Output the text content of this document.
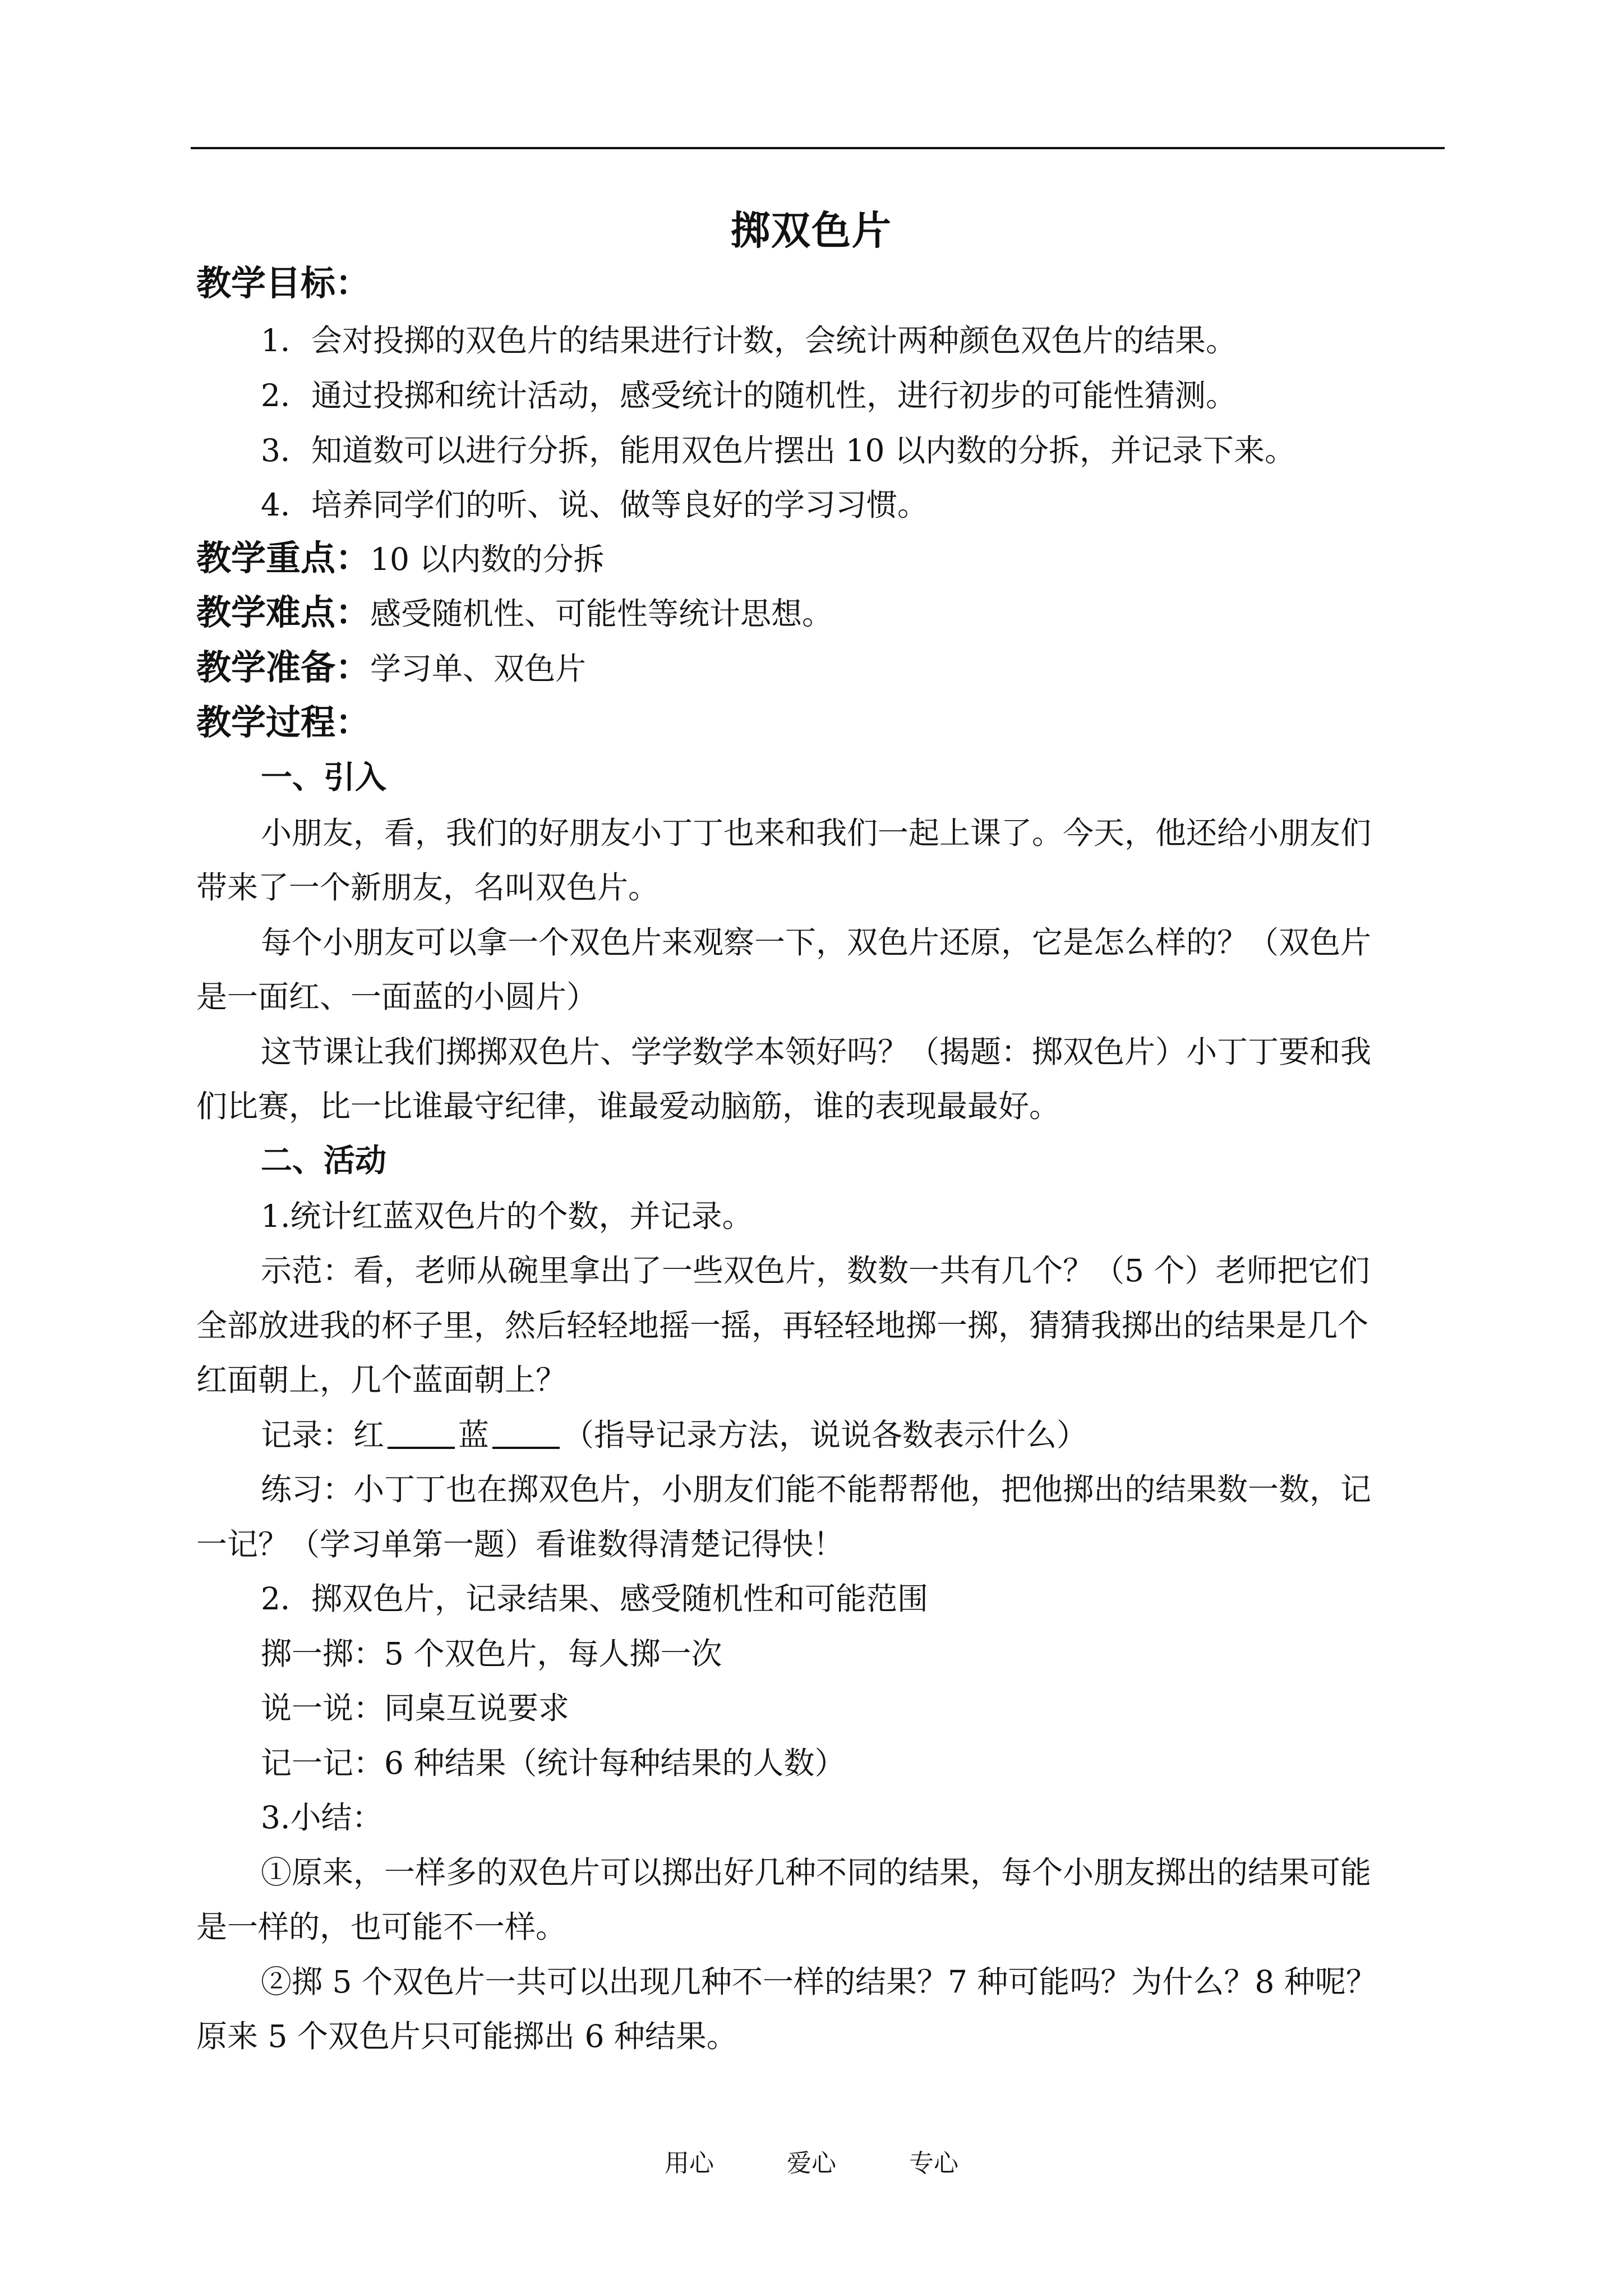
掷双色片
教学目标：
1．会对投掷的双色片的结果进行计数，会统计两种颜色双色片的结果。
2．通过投掷和统计活动，感受统计的随机性，进行初步的可能性猜测。
3．知道数可以进行分拆，能用双色片摆出 10 以内数的分拆，并记录下来。
4．培养同学们的听、说、做等良好的学习习惯。
教学重点：10 以内数的分拆
教学难点：感受随机性、可能性等统计思想。
教学准备：学习单、双色片
教学过程：
一、引入
小朋友，看，我们的好朋友小丁丁也来和我们一起上课了。今天，他还给小朋友们
带来了一个新朋友，名叫双色片。
每个小朋友可以拿一个双色片来观察一下，双色片还原，它是怎么样的？（双色片
是一面红、一面蓝的小圆片）
这节课让我们掷掷双色片、学学数学本领好吗？（揭题：掷双色片）小丁丁要和我
们比赛，比一比谁最守纪律，谁最爱动脑筋，谁的表现最最好。
二、活动
1.统计红蓝双色片的个数，并记录。
示范：看，老师从碗里拿出了一些双色片，数数一共有几个？（5 个）老师把它们
全部放进我的杯子里，然后轻轻地摇一摇，再轻轻地掷一掷，猜猜我掷出的结果是几个
红面朝上，几个蓝面朝上？
记录：红 蓝 （指导记录方法，说说各数表示什么）
练习：小丁丁也在掷双色片，小朋友们能不能帮帮他，把他掷出的结果数一数，记
一记？（学习单第一题）看谁数得清楚记得快！
2．掷双色片，记录结果、感受随机性和可能范围
掷一掷：5 个双色片，每人掷一次
说一说：同桌互说要求
记一记：6 种结果（统计每种结果的人数）
3.小结：
①原来，一样多的双色片可以掷出好几种不同的结果，每个小朋友掷出的结果可能
是一样的，也可能不一样。
②掷 5 个双色片一共可以出现几种不一样的结果？7 种可能吗？为什么？8 种呢？
原来 5 个双色片只可能掷出 6 种结果。
用心	爱心	专心
